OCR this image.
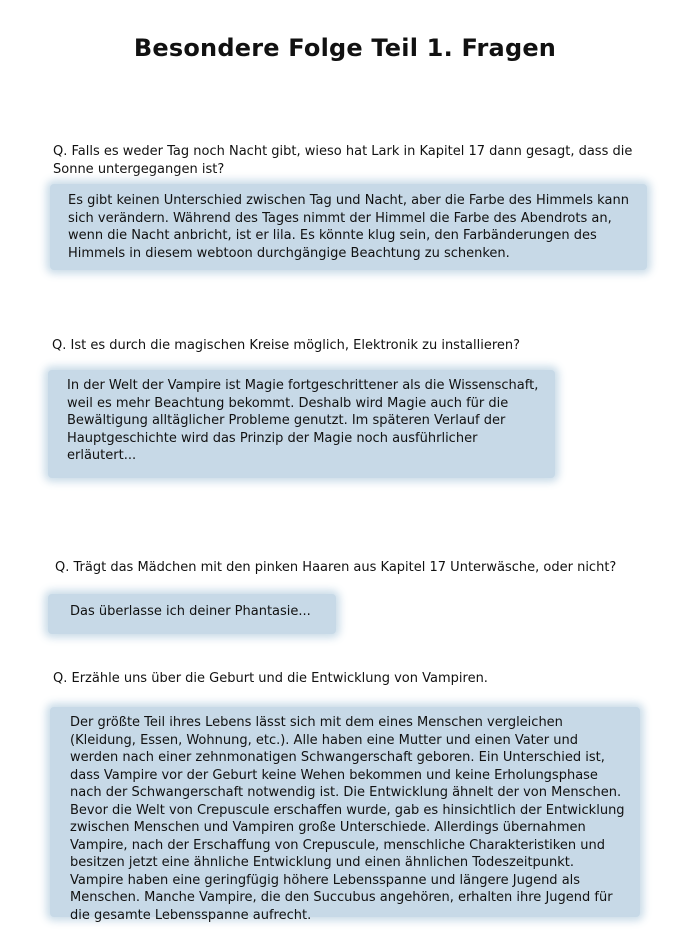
Besondere Folge Teil 1. Fragen
Q. Falls es weder Tag noch Nacht gibt, wieso hat Lark in Kapitel 17 dann gesagt, dass die Sonne untergegangen ist?
Es gibt keinen Unterschied zwischen Tag und Nacht, aber die Farbe des Himmels kann sich verändern. Während des Tages nimmt der Himmel die Farbe des Abendrots an, wenn die Nacht anbricht, ist er lila. Es könnte klug sein, den Farbänderungen des Himmels in diesem webtoon durchgängige Beachtung zu schenken.
Q. Ist es durch die magischen Kreise möglich, Elektronik zu installieren?
In der Welt der Vampire ist Magie fortgeschrittener als die Wissenschaft, weil es mehr Beachtung bekommt. Deshalb wird Magie auch für die Bewältigung alltäglicher Probleme genutzt. Im späteren Verlauf der Hauptgeschichte wird das Prinzip der Magie noch ausführlicher erläutert...
Q. Trägt das Mädchen mit den pinken Haaren aus Kapitel 17 Unterwäsche, oder nicht?
Das überlasse ich deiner Phantasie...
Q. Erzähle uns über die Geburt und die Entwicklung von Vampiren.
Der größte Teil ihres Lebens lässt sich mit dem eines Menschen vergleichen (Kleidung, Essen, Wohnung, etc.). Alle haben eine Mutter und einen Vater und werden nach einer zehnmonatigen Schwangerschaft geboren. Ein Unterschied ist, dass Vampire vor der Geburt keine Wehen bekommen und keine Erholungsphase nach der Schwangerschaft notwendig ist. Die Entwicklung ähnelt der von Menschen. Bevor die Welt von Crepuscule erschaffen wurde, gab es hinsichtlich der Entwicklung zwischen Menschen und Vampiren große Unterschiede. Allerdings übernahmen Vampire, nach der Erschaffung von Crepuscule, menschliche Charakteristiken und besitzen jetzt eine ähnliche Entwicklung und einen ähnlichen Todeszeitpunkt. Vampire haben eine geringfügig höhere Lebensspanne und längere Jugend als Menschen. Manche Vampire, die den Succubus angehören, erhalten ihre Jugend für die gesamte Lebensspanne aufrecht.
